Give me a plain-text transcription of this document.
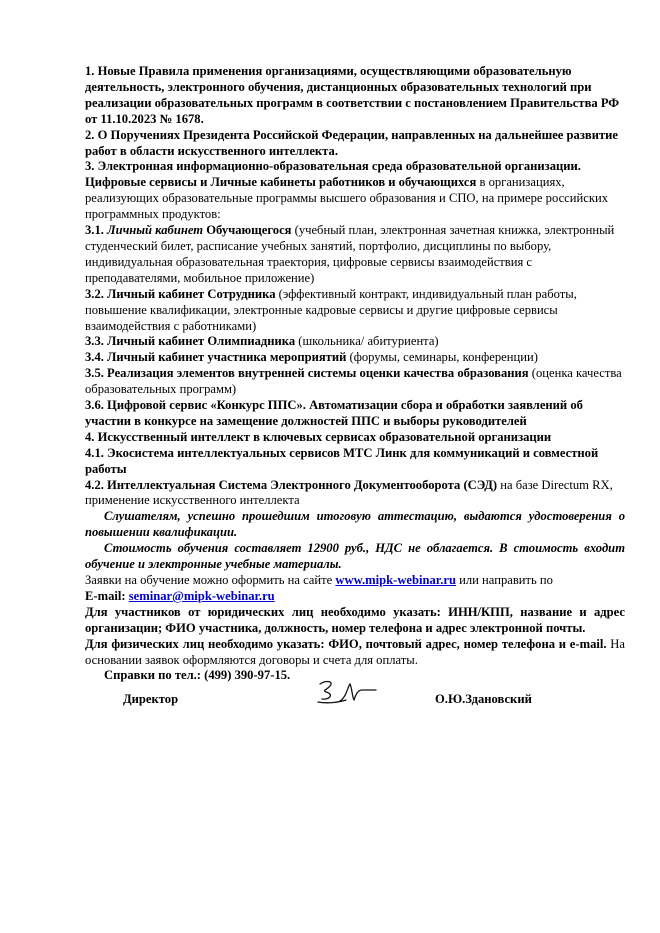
1. Новые Правила применения организациями, осуществляющими образовательную деятельность, электронного обучения, дистанционных образовательных технологий при реализации образовательных программ в соответствии с постановлением Правительства РФ от 11.10.2023 № 1678.

2. О Поручениях Президента Российской Федерации, направленных на дальнейшее развитие работ в области искусственного интеллекта.

3. Электронная информационно-образовательная среда образовательной организации. Цифровые сервисы и Личные кабинеты работников и обучающихся в организациях, реализующих образовательные программы высшего образования и СПО, на примере российских программных продуктов:

3.1. Личный кабинет Обучающегося (учебный план, электронная зачетная книжка, электронный студенческий билет, расписание учебных занятий, портфолио, дисциплины по выбору, индивидуальная образовательная траектория, цифровые сервисы взаимодействия с преподавателями, мобильное приложение)

3.2. Личный кабинет Сотрудника (эффективный контракт, индивидуальный план работы, повышение квалификации, электронные кадровые сервисы и другие цифровые сервисы взаимодействия с работниками)

3.3. Личный кабинет Олимпиадника (школьника/ абитуриента)

3.4. Личный кабинет участника мероприятий (форумы, семинары, конференции)

3.5. Реализация элементов внутренней системы оценки качества образования (оценка качества образовательных программ)

3.6. Цифровой сервис «Конкурс ППС». Автоматизации сбора и обработки заявлений об участии в конкурсе на замещение должностей ППС и выборы руководителей

4. Искусственный интеллект в ключевых сервисах образовательной организации

4.1. Экосистема интеллектуальных сервисов МТС Линк для коммуникаций и совместной работы

4.2. Интеллектуальная Система Электронного Документооборота (СЭД) на базе Directum RX, применение искусственного интеллекта

Слушателям, успешно прошедшим итоговую аттестацию, выдаются удостоверения о повышении квалификации.

Стоимость обучения составляет 12900 руб., НДС не облагается. В стоимость входит обучение и электронные учебные материалы.

Заявки на обучение можно оформить на сайте www.mipk-webinar.ru или направить по

E-mail: seminar@mipk-webinar.ru

Для участников от юридических лиц необходимо указать: ИНН/КПП, название и адрес организации; ФИО участника, должность, номер телефона и адрес электронной почты.

Для физических лиц необходимо указать: ФИО, почтовый адрес, номер телефона и e-mail. На основании заявок оформляются договоры и счета для оплаты.

Справки по тел.: (499) 390-97-15.

Директор	О.Ю.Здановский
